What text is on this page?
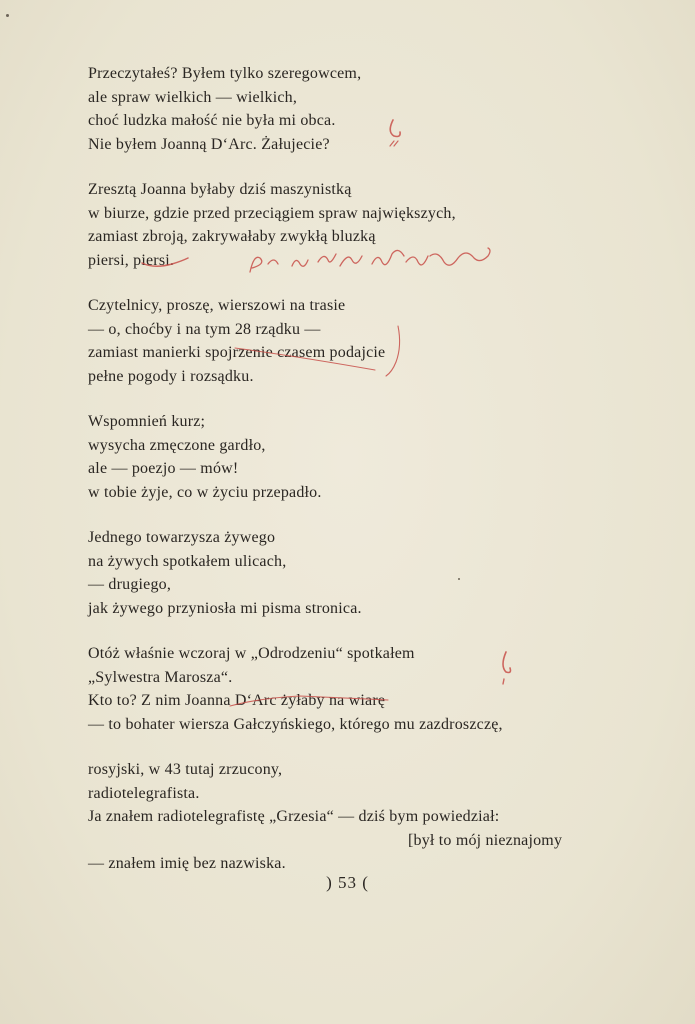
Przeczytałeś? Byłem tylko szeregowcem,
ale spraw wielkich — wielkich,
choć ludzka małość nie była mi obca.
Nie byłem Joanną D‘Arc. Żałujecie?
Zresztą Joanna byłaby dziś maszynistką
w biurze, gdzie przed przeciągiem spraw największych,
zamiast zbroją, zakrywałaby zwykłą bluzką
piersi, piersi.
Czytelnicy, proszę, wierszowi na trasie
— o, choćby i na tym 28 rządku —
zamiast manierki spojrzenie czasem podajcie
pełne pogody i rozsądku.
Wspomnień kurz;
wysycha zmęczone gardło,
ale — poezjo — mów!
w tobie żyje, co w życiu przepadło.
Jednego towarzysza żywego
na żywych spotkałem ulicach,
— drugiego,
jak żywego przyniosła mi pisma stronica.
Otóż właśnie wczoraj w „Odrodzeniu“ spotkałem
„Sylwestra Marosza“.
Kto to? Z nim Joanna D‘Arc żyłaby na wiarę
— to bohater wiersza Gałczyńskiego, którego mu zazdroszczę,
rosyjski, w 43 tutaj zrzucony,
radiotelegrafista.
Ja znałem radiotelegrafistę „Grzesia“ — dziś bym powiedział:
[był to mój nieznajomy
— znałem imię bez nazwiska.
) 53 (
